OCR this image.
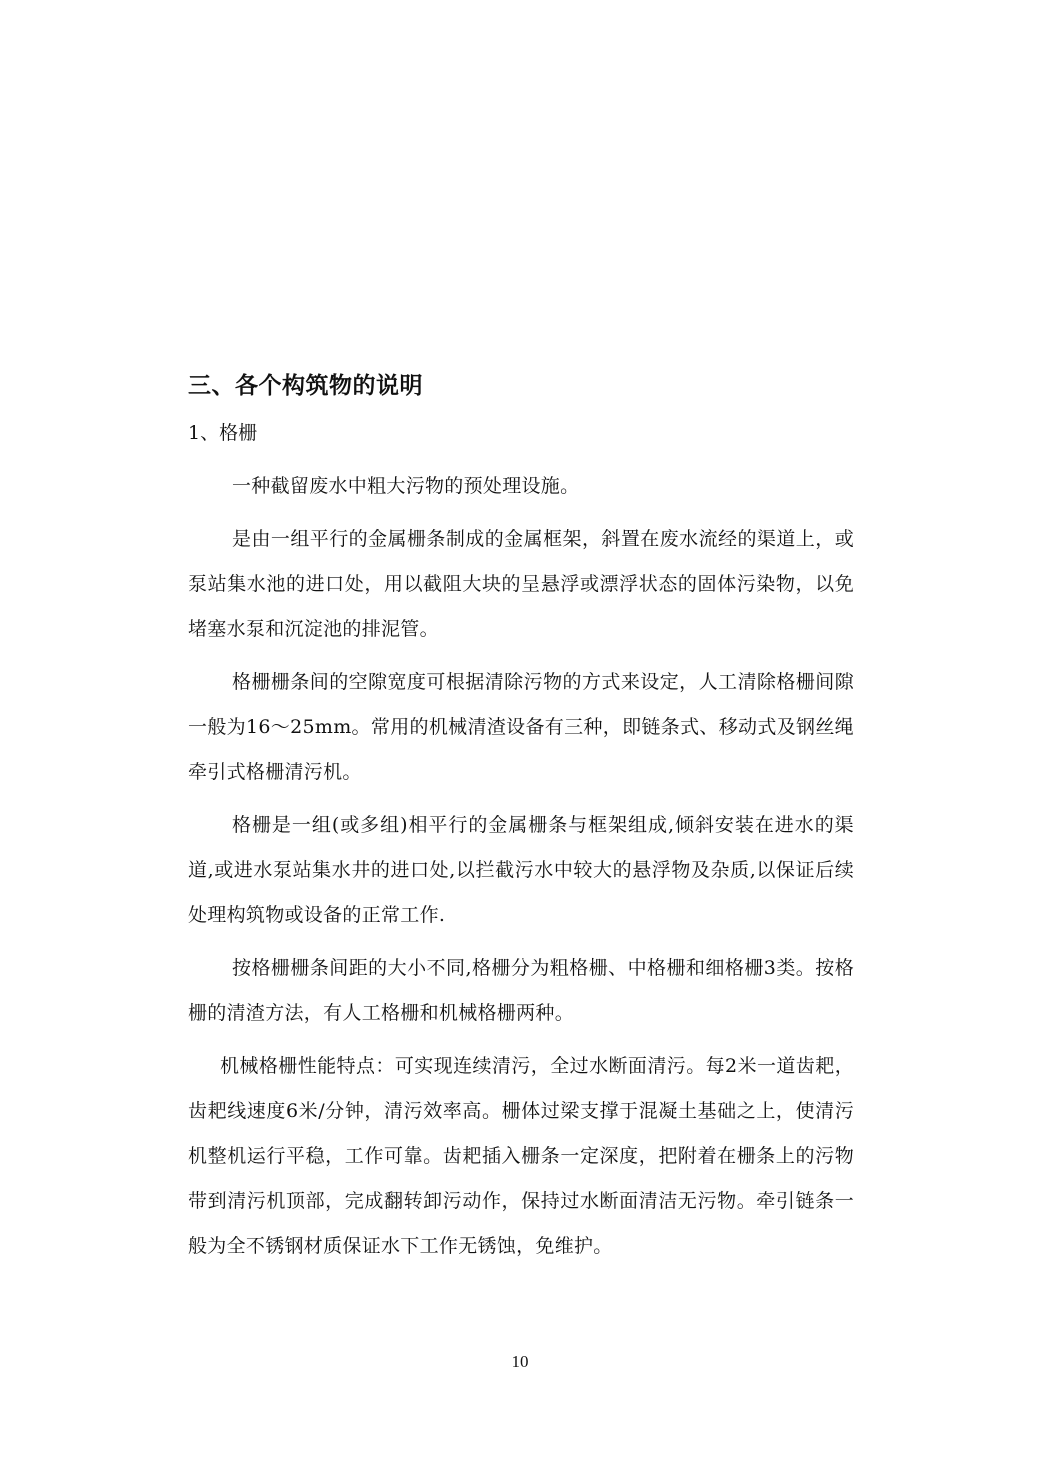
三、各个构筑物的说明

1、格栅

一种截留废水中粗大污物的预处理设施。

是由一组平行的金属栅条制成的金属框架，斜置在废水流经的渠道上，或泵站集水池的进口处，用以截阻大块的呈悬浮或漂浮状态的固体污染物，以免堵塞水泵和沉淀池的排泥管。

格栅栅条间的空隙宽度可根据清除污物的方式来设定，人工清除格栅间隙一般为16～25mm。常用的机械清渣设备有三种，即链条式、移动式及钢丝绳牵引式格栅清污机。

格栅是一组(或多组)相平行的金属栅条与框架组成,倾斜安装在进水的渠道,或进水泵站集水井的进口处,以拦截污水中较大的悬浮物及杂质,以保证后续处理构筑物或设备的正常工作.

按格栅栅条间距的大小不同,格栅分为粗格栅、中格栅和细格栅3类。按格栅的清渣方法，有人工格栅和机械格栅两种。

机械格栅性能特点：可实现连续清污，全过水断面清污。每2米一道齿耙，齿耙线速度6米/分钟，清污效率高。栅体过梁支撑于混凝土基础之上，使清污机整机运行平稳，工作可靠。齿耙插入栅条一定深度，把附着在栅条上的污物带到清污机顶部，完成翻转卸污动作，保持过水断面清洁无污物。牵引链条一般为全不锈钢材质保证水下工作无锈蚀，免维护。

10
